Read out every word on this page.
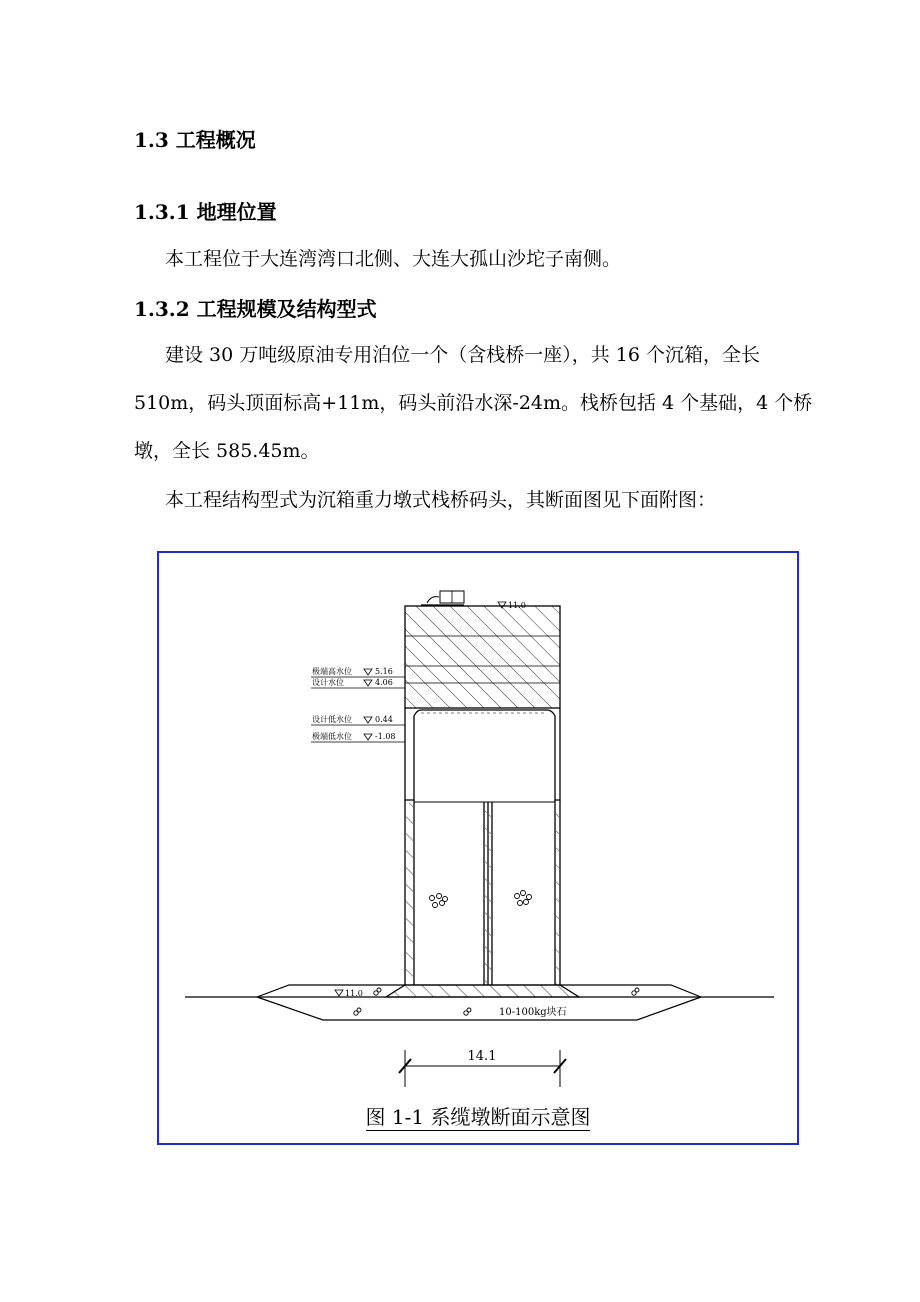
1.3 工程概况
1.3.1 地理位置
本工程位于大连湾湾口北侧、大连大孤山沙坨子南侧。
1.3.2 工程规模及结构型式
建设 30 万吨级原油专用泊位一个（含栈桥一座），共 16 个沉箱，全长
510m，码头顶面标高+11m，码头前沿水深-24m。栈桥包括 4 个基础，4 个桥
墩，全长 585.45m。
本工程结构型式为沉箱重力墩式栈桥码头，其断面图见下面附图：
11.0
10-100kg块石
11.0
极端高水位	5.16
设计水位	4.06
设计低水位	0.44
极端低水位	-1.08
14.1
图 1-1 系缆墩断面示意图
